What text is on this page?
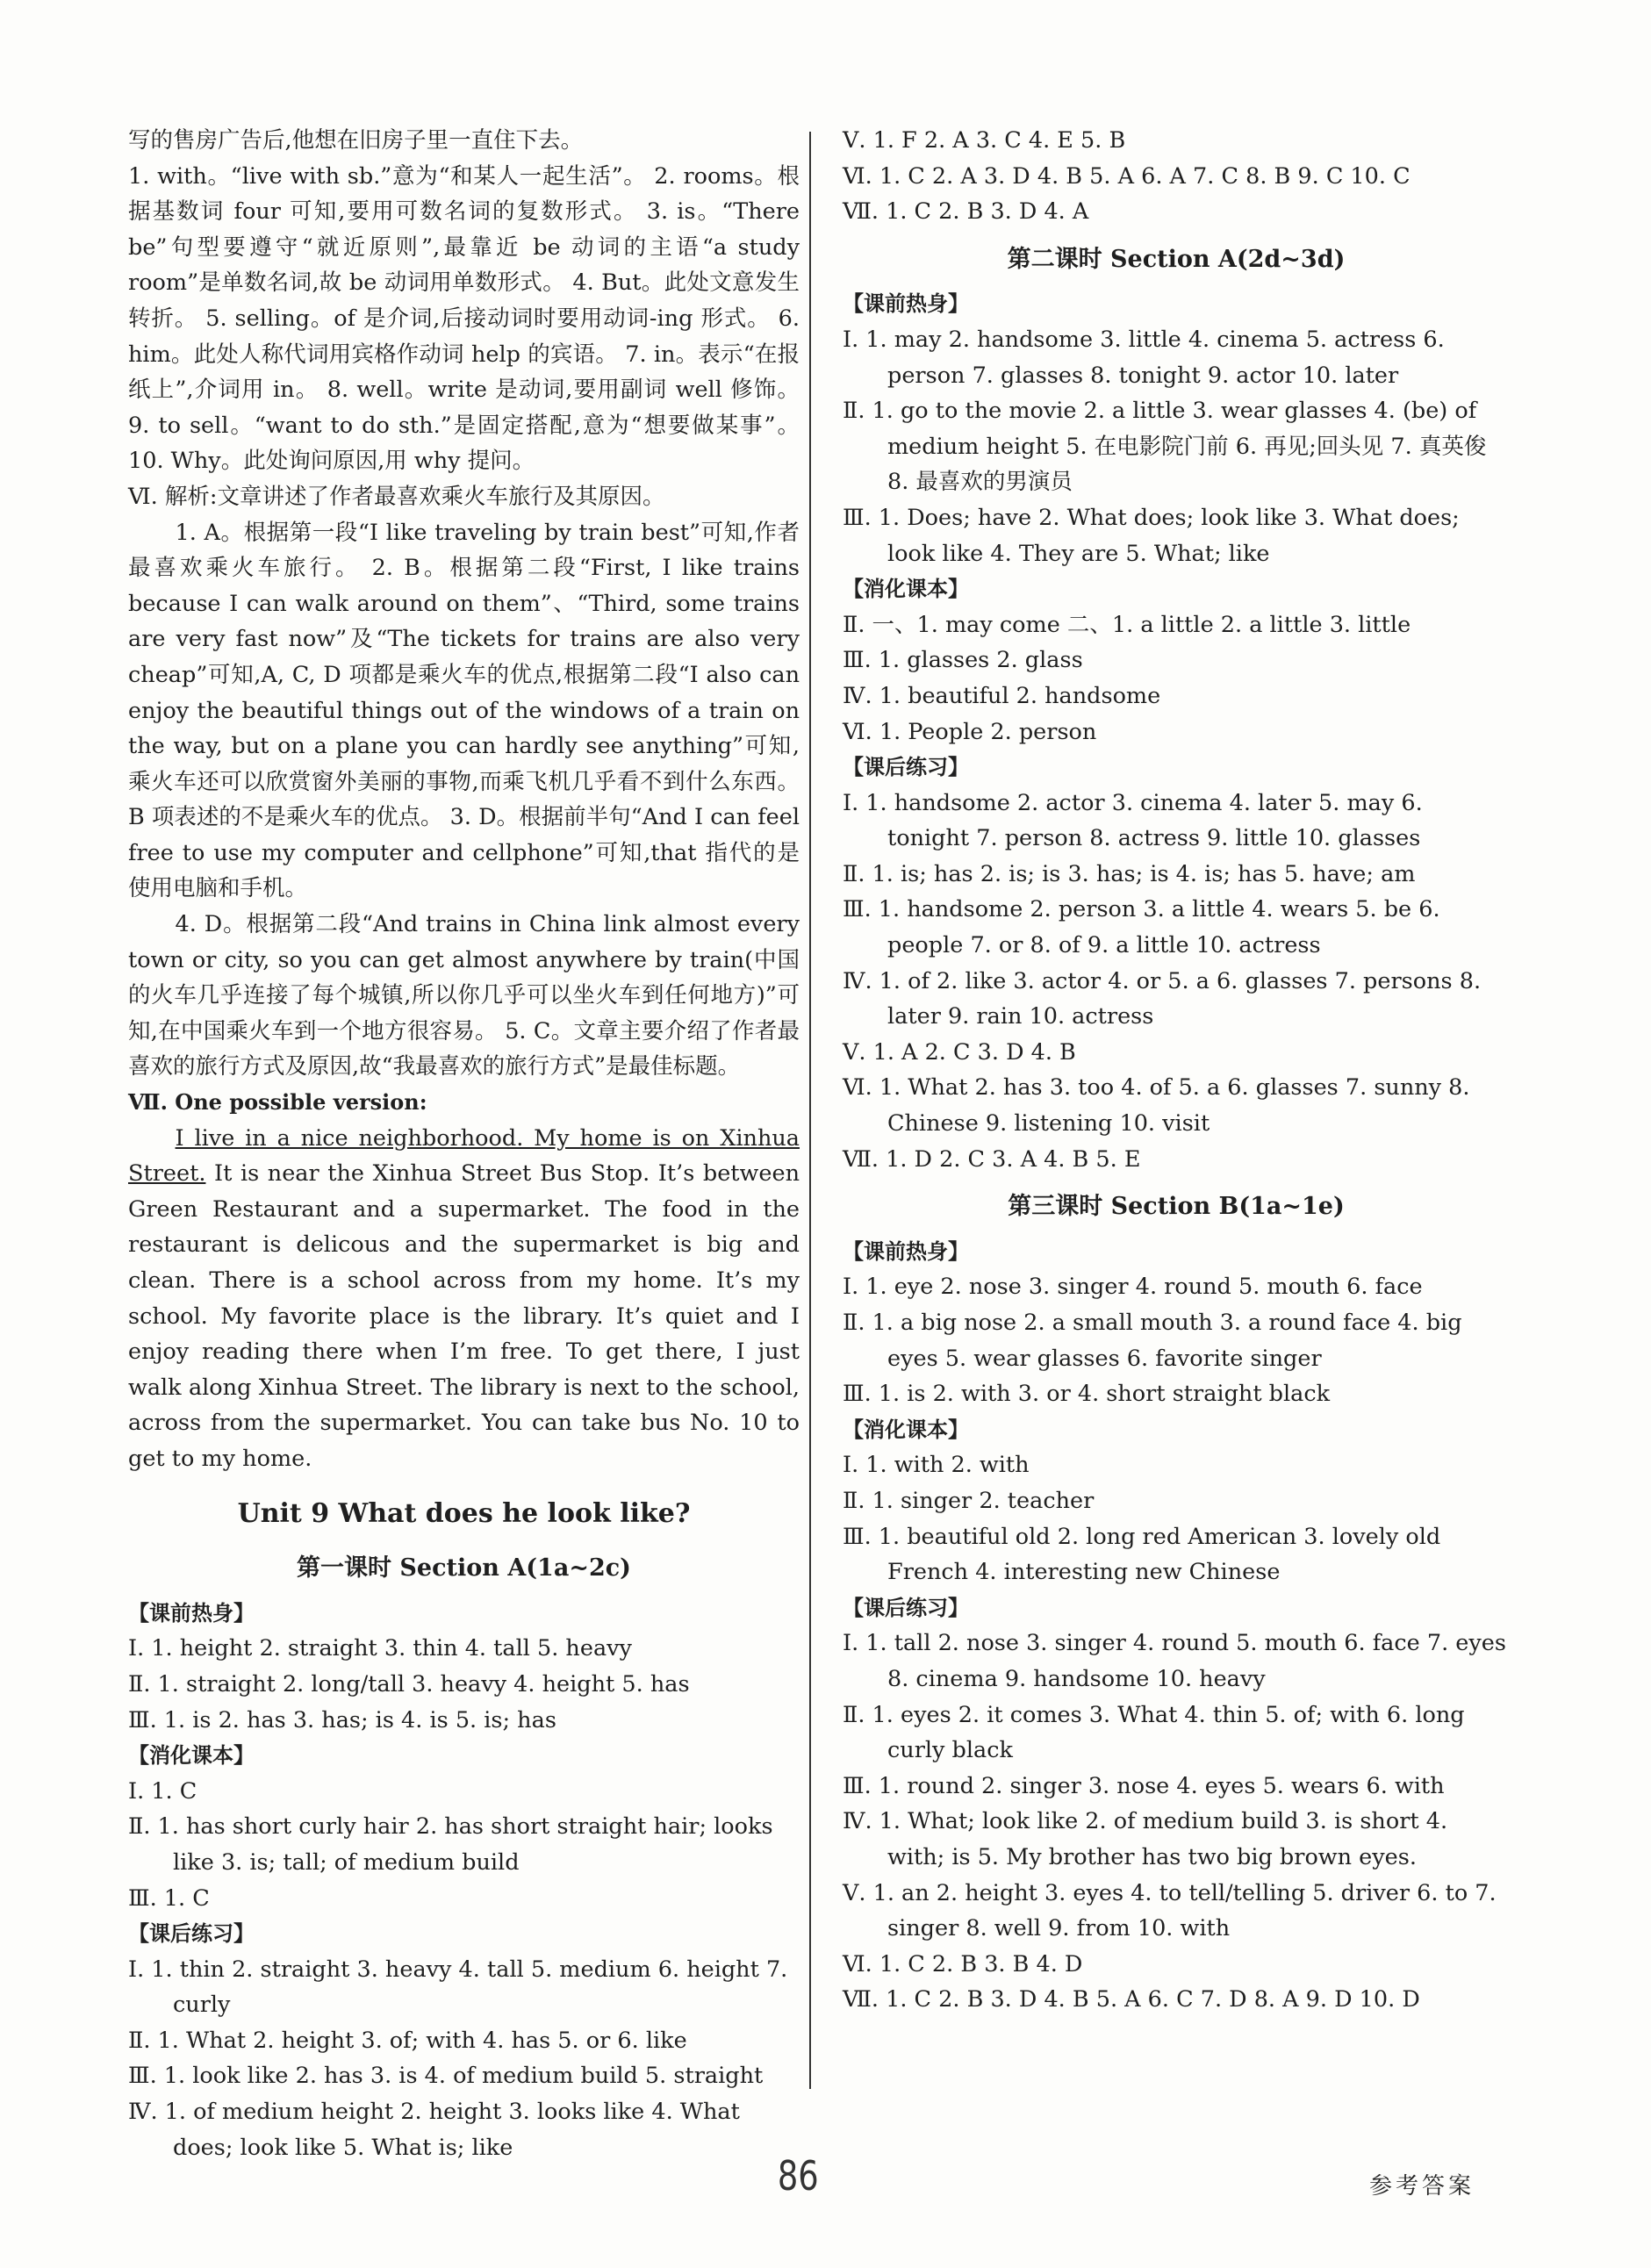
写的售房广告后,他想在旧房子里一直住下去。

1. with。“live with sb.”意为“和某人一起生活”。 2. rooms。根据基数词 four 可知,要用可数名词的复数形式。 3. is。“There be”句型要遵守“就近原则”,最靠近 be 动词的主语“a study room”是单数名词,故 be 动词用单数形式。 4. But。此处文意发生转折。 5. selling。of 是介词,后接动词时要用动词-ing 形式。 6. him。此处人称代词用宾格作动词 help 的宾语。 7. in。表示“在报纸上”,介词用 in。 8. well。write 是动词,要用副词 well 修饰。 9. to sell。“want to do sth.”是固定搭配,意为“想要做某事”。 10. Why。此处询问原因,用 why 提问。

Ⅵ. 解析:文章讲述了作者最喜欢乘火车旅行及其原因。

1. A。根据第一段“I like traveling by train best”可知,作者最喜欢乘火车旅行。 2. B。根据第二段“First, I like trains because I can walk around on them”、“Third, some trains are very fast now”及“The tickets for trains are also very cheap”可知,A, C, D 项都是乘火车的优点,根据第二段“I also can enjoy the beautiful things out of the windows of a train on the way, but on a plane you can hardly see anything”可知,乘火车还可以欣赏窗外美丽的事物,而乘飞机几乎看不到什么东西。B 项表述的不是乘火车的优点。 3. D。根据前半句“And I can feel free to use my computer and cellphone”可知,that 指代的是使用电脑和手机。

4. D。根据第二段“And trains in China link almost every town or city, so you can get almost anywhere by train(中国的火车几乎连接了每个城镇,所以你几乎可以坐火车到任何地方)”可知,在中国乘火车到一个地方很容易。 5. C。文章主要介绍了作者最喜欢的旅行方式及原因,故“我最喜欢的旅行方式”是最佳标题。

Ⅶ. One possible version:

I live in a nice neighborhood. My home is on Xinhua Street. It is near the Xinhua Street Bus Stop. It’s between Green Restaurant and a supermarket. The food in the restaurant is delicous and the supermarket is big and clean. There is a school across from my home. It’s my school. My favorite place is the library. It’s quiet and I enjoy reading there when I’m free. To get there, I just walk along Xinhua Street. The library is next to the school, across from the supermarket. You can take bus No. 10 to get to my home.

Unit 9 What does he look like?

第一课时 Section A(1a~2c)

【课前热身】

Ⅰ. 1. height 2. straight 3. thin 4. tall 5. heavy

Ⅱ. 1. straight 2. long/tall 3. heavy 4. height 5. has

Ⅲ. 1. is 2. has 3. has; is 4. is 5. is; has

【消化课本】

Ⅰ. 1. C

Ⅱ. 1. has short curly hair 2. has short straight hair; looks like 3. is; tall; of medium build

Ⅲ. 1. C

【课后练习】

Ⅰ. 1. thin 2. straight 3. heavy 4. tall 5. medium 6. height 7. curly

Ⅱ. 1. What 2. height 3. of; with 4. has 5. or 6. like

Ⅲ. 1. look like 2. has 3. is 4. of medium build 5. straight

Ⅳ. 1. of medium height 2. height 3. looks like 4. What does; look like 5. What is; like

Ⅴ. 1. F 2. A 3. C 4. E 5. B

Ⅵ. 1. C 2. A 3. D 4. B 5. A 6. A 7. C 8. B 9. C 10. C

Ⅶ. 1. C 2. B 3. D 4. A

第二课时 Section A(2d~3d)

【课前热身】

Ⅰ. 1. may 2. handsome 3. little 4. cinema 5. actress 6. person 7. glasses 8. tonight 9. actor 10. later

Ⅱ. 1. go to the movie 2. a little 3. wear glasses 4. (be) of medium height 5. 在电影院门前 6. 再见;回头见 7. 真英俊 8. 最喜欢的男演员

Ⅲ. 1. Does; have 2. What does; look like 3. What does; look like 4. They are 5. What; like

【消化课本】

Ⅱ. 一、1. may come 二、1. a little 2. a little 3. little

Ⅲ. 1. glasses 2. glass

Ⅳ. 1. beautiful 2. handsome

Ⅵ. 1. People 2. person

【课后练习】

Ⅰ. 1. handsome 2. actor 3. cinema 4. later 5. may 6. tonight 7. person 8. actress 9. little 10. glasses

Ⅱ. 1. is; has 2. is; is 3. has; is 4. is; has 5. have; am

Ⅲ. 1. handsome 2. person 3. a little 4. wears 5. be 6. people 7. or 8. of 9. a little 10. actress

Ⅳ. 1. of 2. like 3. actor 4. or 5. a 6. glasses 7. persons 8. later 9. rain 10. actress

Ⅴ. 1. A 2. C 3. D 4. B

Ⅵ. 1. What 2. has 3. too 4. of 5. a 6. glasses 7. sunny 8. Chinese 9. listening 10. visit

Ⅶ. 1. D 2. C 3. A 4. B 5. E

第三课时 Section B(1a~1e)

【课前热身】

Ⅰ. 1. eye 2. nose 3. singer 4. round 5. mouth 6. face

Ⅱ. 1. a big nose 2. a small mouth 3. a round face 4. big eyes 5. wear glasses 6. favorite singer

Ⅲ. 1. is 2. with 3. or 4. short straight black

【消化课本】

Ⅰ. 1. with 2. with

Ⅱ. 1. singer 2. teacher

Ⅲ. 1. beautiful old 2. long red American 3. lovely old French 4. interesting new Chinese

【课后练习】

Ⅰ. 1. tall 2. nose 3. singer 4. round 5. mouth 6. face 7. eyes 8. cinema 9. handsome 10. heavy

Ⅱ. 1. eyes 2. it comes 3. What 4. thin 5. of; with 6. long curly black

Ⅲ. 1. round 2. singer 3. nose 4. eyes 5. wears 6. with

Ⅳ. 1. What; look like 2. of medium build 3. is short 4. with; is 5. My brother has two big brown eyes.

Ⅴ. 1. an 2. height 3. eyes 4. to tell/telling 5. driver 6. to 7. singer 8. well 9. from 10. with

Ⅵ. 1. C 2. B 3. B 4. D

Ⅶ. 1. C 2. B 3. D 4. B 5. A 6. C 7. D 8. A 9. D 10. D

86	参考答案
